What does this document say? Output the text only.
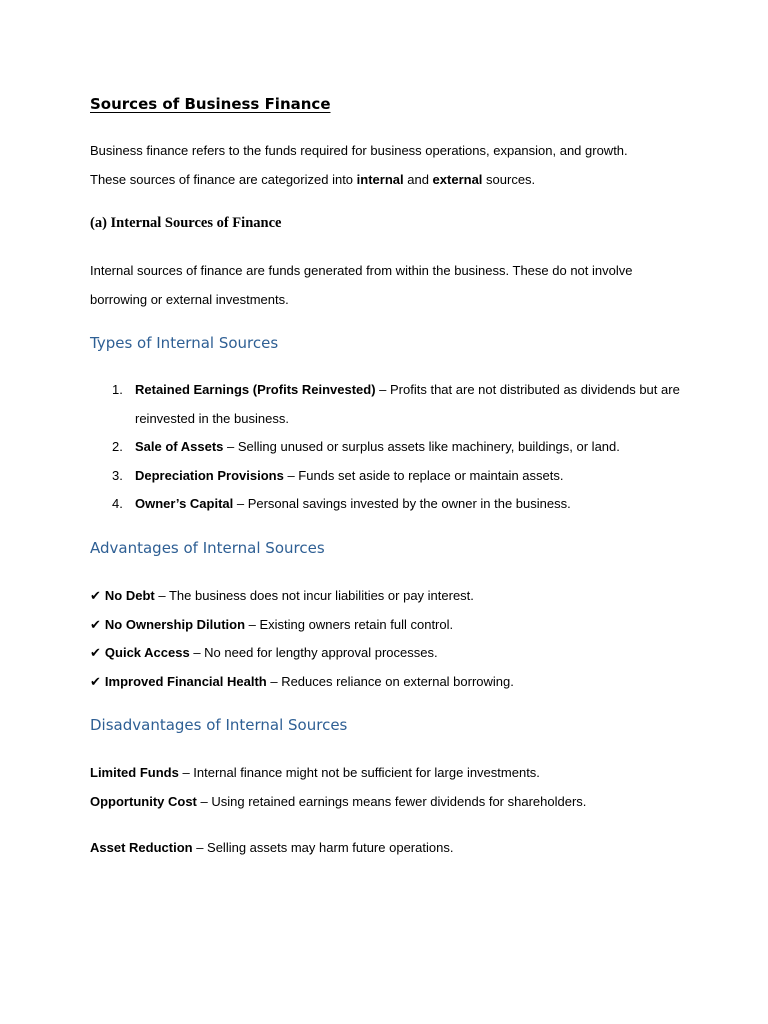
Sources of Business Finance

Business finance refers to the funds required for business operations, expansion, and growth.
These sources of finance are categorized into internal and external sources.

(a) Internal Sources of Finance

Internal sources of finance are funds generated from within the business. These do not involve borrowing or external investments.

Types of Internal Sources
1. Retained Earnings (Profits Reinvested) – Profits that are not distributed as dividends but are reinvested in the business.
2. Sale of Assets – Selling unused or surplus assets like machinery, buildings, or land.
3. Depreciation Provisions – Funds set aside to replace or maintain assets.
4. Owner’s Capital – Personal savings invested by the owner in the business.
Advantages of Internal Sources
✔ No Debt – The business does not incur liabilities or pay interest.
✔ No Ownership Dilution – Existing owners retain full control.
✔ Quick Access – No need for lengthy approval processes.
✔ Improved Financial Health – Reduces reliance on external borrowing.
Disadvantages of Internal Sources
Limited Funds – Internal finance might not be sufficient for large investments.
Opportunity Cost – Using retained earnings means fewer dividends for shareholders.

Asset Reduction – Selling assets may harm future operations.
